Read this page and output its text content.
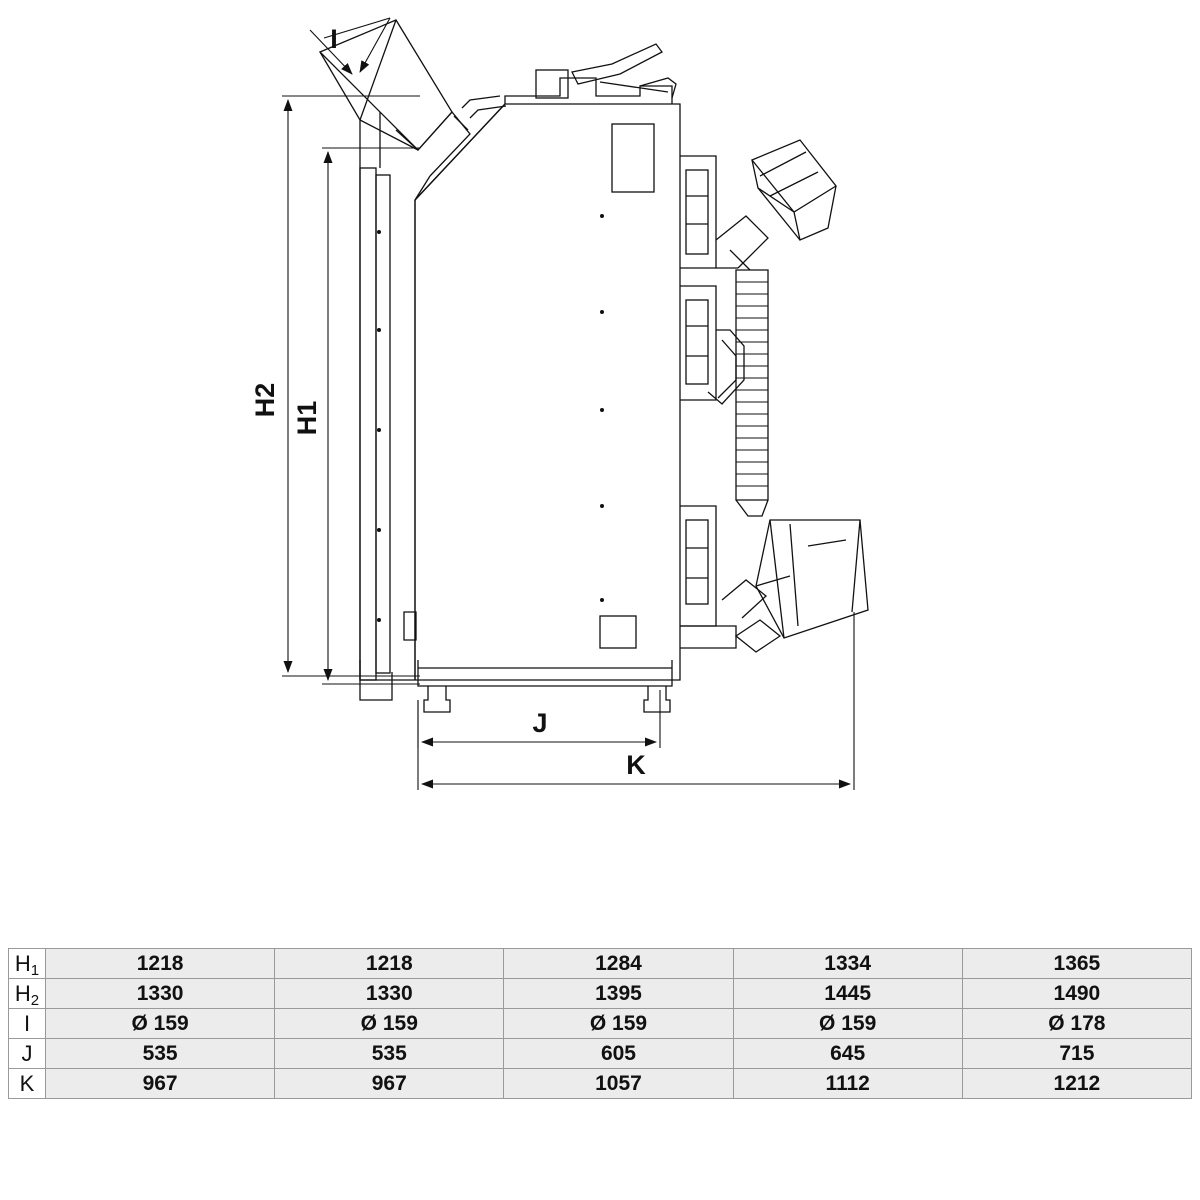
H2
H1
I
J
K
$H_1$	1218	1218	1284	1334	1365
$H_2$	1330	1330	1395	1445	1490
I	Ø 159	Ø 159	Ø 159	Ø 159	Ø 178
J	535	535	605	645	715
K	967	967	1057	1112	1212
